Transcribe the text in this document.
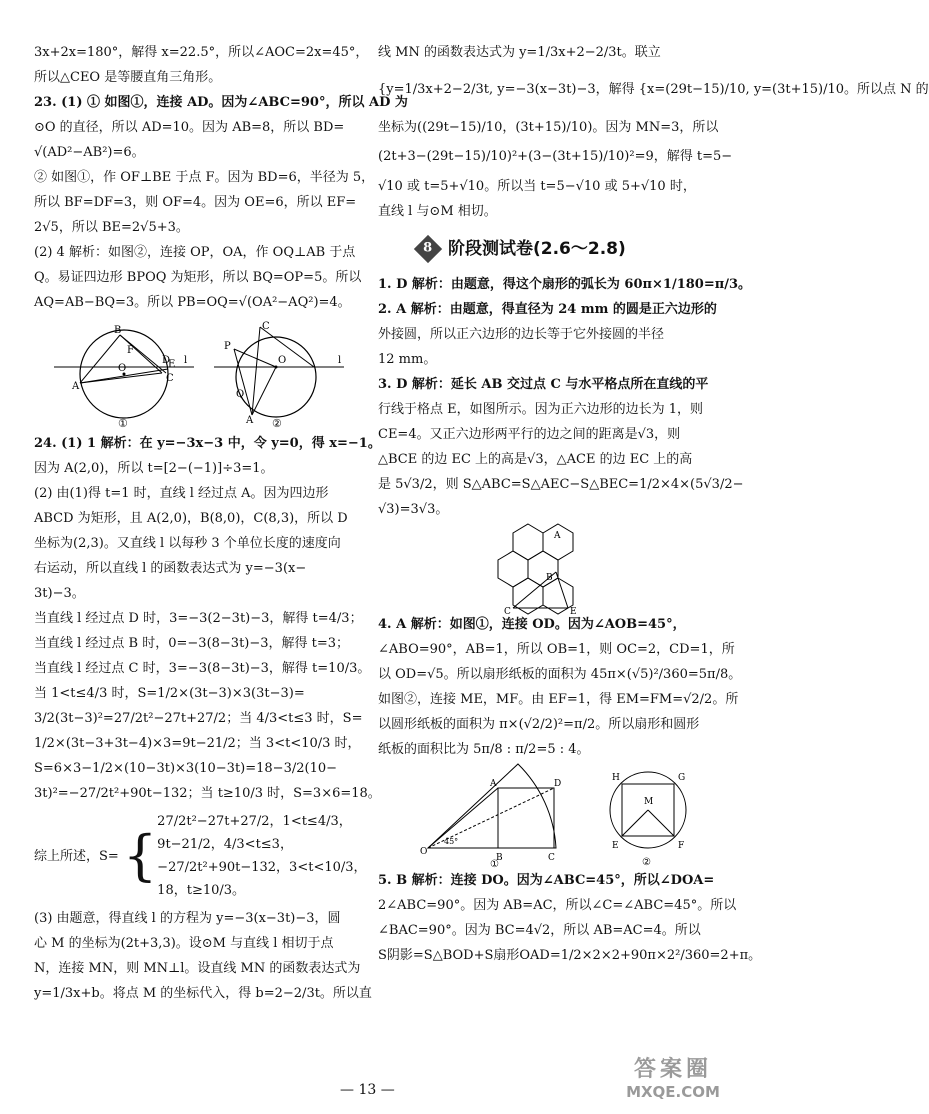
3x+2x=180°，解得 x=22.5°，所以∠AOC=2x=45°，
所以△CEO 是等腰直角三角形。
23. (1) ① 如图①，连接 AD。因为∠ABC=90°，所以 AD 为
⊙O 的直径，所以 AD=10。因为 AB=8，所以 BD=
√(AD²−AB²)=6。
② 如图①，作 OF⊥BE 于点 F。因为 BD=6，半径为 5，
所以 BF=DF=3，则 OF=4。因为 OE=6，所以 EF=
2√5，所以 BE=2√5+3。
(2) 4 解析：如图②，连接 OP，OA，作 OQ⊥AB 于点
Q。易证四边形 BPOQ 为矩形，所以 BQ=OP=5。所以
AQ=AB−BQ=3。所以 PB=OQ=√(OA²−AQ²)=4。
B
F
O
D
E
C
A
l
①
C
P
O
Q
A
l
②
24. (1) 1 解析：在 y=−3x−3 中，令 y=0，得 x=−1。
因为 A(2,0)，所以 t=[2−(−1)]÷3=1。
(2) 由(1)得 t=1 时，直线 l 经过点 A。因为四边形
ABCD 为矩形，且 A(2,0)，B(8,0)，C(8,3)，所以 D
坐标为(2,3)。又直线 l 以每秒 3 个单位长度的速度向
右运动，所以直线 l 的函数表达式为 y=−3(x−
3t)−3。
当直线 l 经过点 D 时，3=−3(2−3t)−3，解得 t=4/3；
当直线 l 经过点 B 时，0=−3(8−3t)−3，解得 t=3；
当直线 l 经过点 C 时，3=−3(8−3t)−3，解得 t=10/3。
当 1<t≤4/3 时，S=1/2×(3t−3)×3(3t−3)=
3/2(3t−3)²=27/2t²−27t+27/2；当 4/3<t≤3 时，S=
1/2×(3t−3+3t−4)×3=9t−21/2；当 3<t<10/3 时，
S=6×3−1/2×(10−3t)×3(10−3t)=18−3/2(10−
3t)²=−27/2t²+90t−132；当 t≥10/3 时，S=3×6=18。
综上所述，S= {
27/2t²−27t+27/2，1<t≤4/3，
9t−21/2，4/3<t≤3，
−27/2t²+90t−132，3<t<10/3，
18，t≥10/3。
(3) 由题意，得直线 l 的方程为 y=−3(x−3t)−3，圆
心 M 的坐标为(2t+3,3)。设⊙M 与直线 l 相切于点
N，连接 MN，则 MN⊥l。设直线 MN 的函数表达式为
y=1/3x+b。将点 M 的坐标代入，得 b=2−2/3t。所以直
线 MN 的函数表达式为 y=1/3x+2−2/3t。联立
{y=1/3x+2−2/3t, y=−3(x−3t)−3，解得 {x=(29t−15)/10, y=(3t+15)/10。所以点 N 的
坐标为((29t−15)/10，(3t+15)/10)。因为 MN=3，所以
(2t+3−(29t−15)/10)²+(3−(3t+15)/10)²=9，解得 t=5−
√10 或 t=5+√10。所以当 t=5−√10 或 5+√10 时，
直线 l 与⊙M 相切。
8 阶段测试卷(2.6～2.8)
1. D 解析：由题意，得这个扇形的弧长为 60π×1/180=π/3。
2. A 解析：由题意，得直径为 24 mm 的圆是正六边形的
外接圆，所以正六边形的边长等于它外接圆的半径
12 mm。
3. D 解析：延长 AB 交过点 C 与水平格点所在直线的平
行线于格点 E，如图所示。因为正六边形的边长为 1，则
CE=4。又正六边形两平行的边之间的距离是√3，则
△BCE 的边 EC 上的高是√3，△ACE 的边 EC 上的高
是 5√3/2，则 S△ABC=S△AEC−S△BEC=1/2×4×(5√3/2−
√3)=3√3。
A
B
C	E
4. A 解析：如图①，连接 OD。因为∠AOB=45°，
∠ABO=90°，AB=1，所以 OB=1，则 OC=2，CD=1，所
以 OD=√5。所以扇形纸板的面积为 45π×(√5)²/360=5π/8。
如图②，连接 ME，MF。由 EF=1，得 EM=FM=√2/2。所
以圆形纸板的面积为 π×(√2/2)²=π/2。所以扇形和圆形
纸板的面积比为 5π/8 : π/2=5 : 4。
O
45°
A	D
B	C
①
H	G
M
E	F
②
5. B 解析：连接 DO。因为∠ABC=45°，所以∠DOA=
2∠ABC=90°。因为 AB=AC，所以∠C=∠ABC=45°。所以
∠BAC=90°。因为 BC=4√2，所以 AB=AC=4。所以
S阴影=S△BOD+S扇形OAD=1/2×2×2+90π×2²/360=2+π。
— 13 —
答案圈
MXQE.COM
